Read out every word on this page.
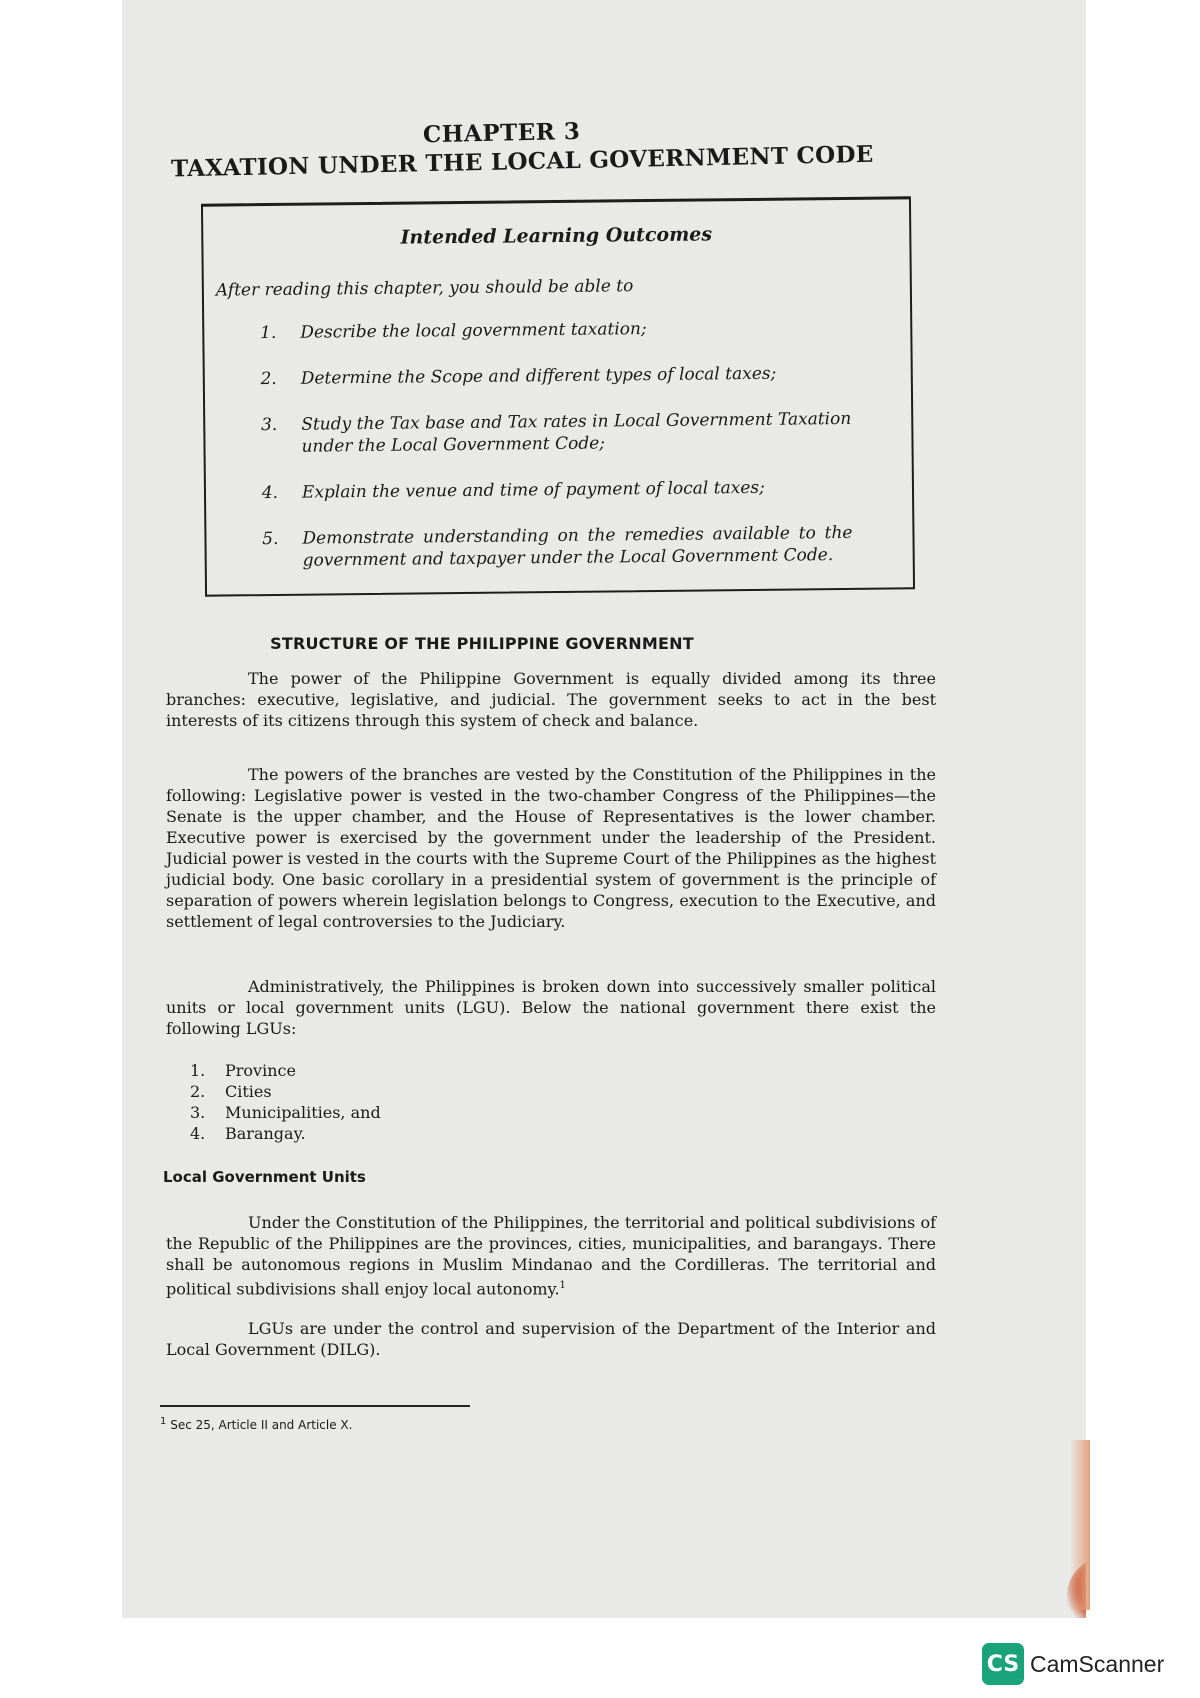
CHAPTER 3
TAXATION UNDER THE LOCAL GOVERNMENT CODE
Intended Learning Outcomes
After reading this chapter, you should be able to
1.	Describe the local government taxation;
2.	Determine the Scope and different types of local taxes;
3.	Study the Tax base and Tax rates in Local Government Taxation under the Local Government Code;
4.	Explain the venue and time of payment of local taxes;
5.	Demonstrate understanding on the remedies available to the government and taxpayer under the Local Government Code.
STRUCTURE OF THE PHILIPPINE GOVERNMENT

The power of the Philippine Government is equally divided among its three branches: executive, legislative, and judicial. The government seeks to act in the best interests of its citizens through this system of check and balance.

The powers of the branches are vested by the Constitution of the Philippines in the following: Legislative power is vested in the two-chamber Congress of the Philippines—the Senate is the upper chamber, and the House of Representatives is the lower chamber. Executive power is exercised by the government under the leadership of the President. Judicial power is vested in the courts with the Supreme Court of the Philippines as the highest judicial body. One basic corollary in a presidential system of government is the principle of separation of powers wherein legislation belongs to Congress, execution to the Executive, and settlement of legal controversies to the Judiciary.

Administratively, the Philippines is broken down into successively smaller political units or local government units (LGU). Below the national government there exist the following LGUs:

1. Province
2. Cities
3. Municipalities, and
4. Barangay.
Local Government Units

Under the Constitution of the Philippines, the territorial and political subdivisions of the Republic of the Philippines are the provinces, cities, municipalities, and barangays. There shall be autonomous regions in Muslim Mindanao and the Cordilleras. The territorial and political subdivisions shall enjoy local autonomy.$^1$

LGUs are under the control and supervision of the Department of the Interior and Local Government (DILG).

$^1$ Sec 25, Article II and Article X.
CS CamScanner
